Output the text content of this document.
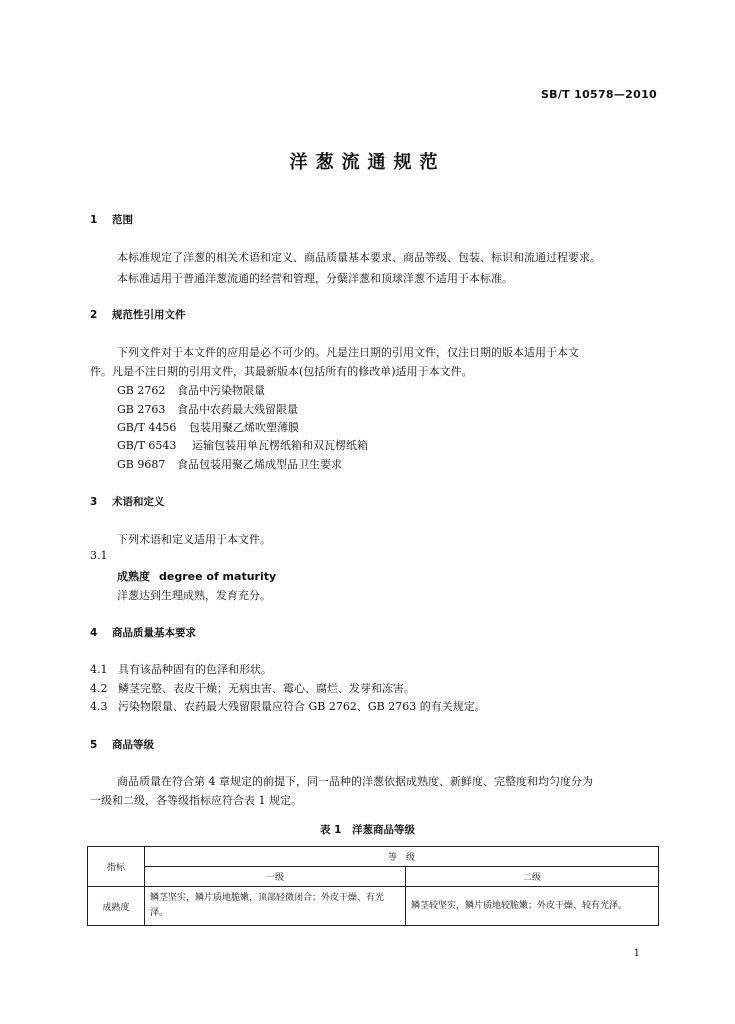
SB/T 10578—2010
洋葱流通规范
1 范围
本标准规定了洋葱的相关术语和定义、商品质量基本要求、商品等级、包装、标识和流通过程要求。
本标准适用于普通洋葱流通的经营和管理，分蘖洋葱和顶球洋葱不适用于本标准。
2 规范性引用文件
下列文件对于本文件的应用是必不可少的。凡是注日期的引用文件，仅注日期的版本适用于本文
件。凡是不注日期的引用文件，其最新版本(包括所有的修改单)适用于本文件。
GB 2762 食品中污染物限量
GB 2763 食品中农药最大残留限量
GB/T 4456 包装用聚乙烯吹塑薄膜
GB/T 6543 运输包装用单瓦楞纸箱和双瓦楞纸箱
GB 9687 食品包装用聚乙烯成型品卫生要求
3 术语和定义
下列术语和定义适用于本文件。
3.1
成熟度 degree of maturity
洋葱达到生理成熟，发育充分。
4 商品质量基本要求
4.1 具有该品种固有的色泽和形状。
4.2 鳞茎完整、表皮干燥；无病虫害、霉心、腐烂、发芽和冻害。
4.3 污染物限量、农药最大残留限量应符合 GB 2762、GB 2763 的有关规定。
5 商品等级
商品质量在符合第 4 章规定的前提下，同一品种的洋葱依据成熟度、新鲜度、完整度和均匀度分为
一级和二级，各等级指标应符合表 1 规定。
表 1　洋葱商品等级
指标	等　级	
	一级	二级
成熟度	鳞茎坚实，鳞片质地脆嫩，顶部轻微闭合；外皮干燥、有光泽。	鳞茎较坚实，鳞片质地较脆嫩；外皮干燥、较有光泽。
1
